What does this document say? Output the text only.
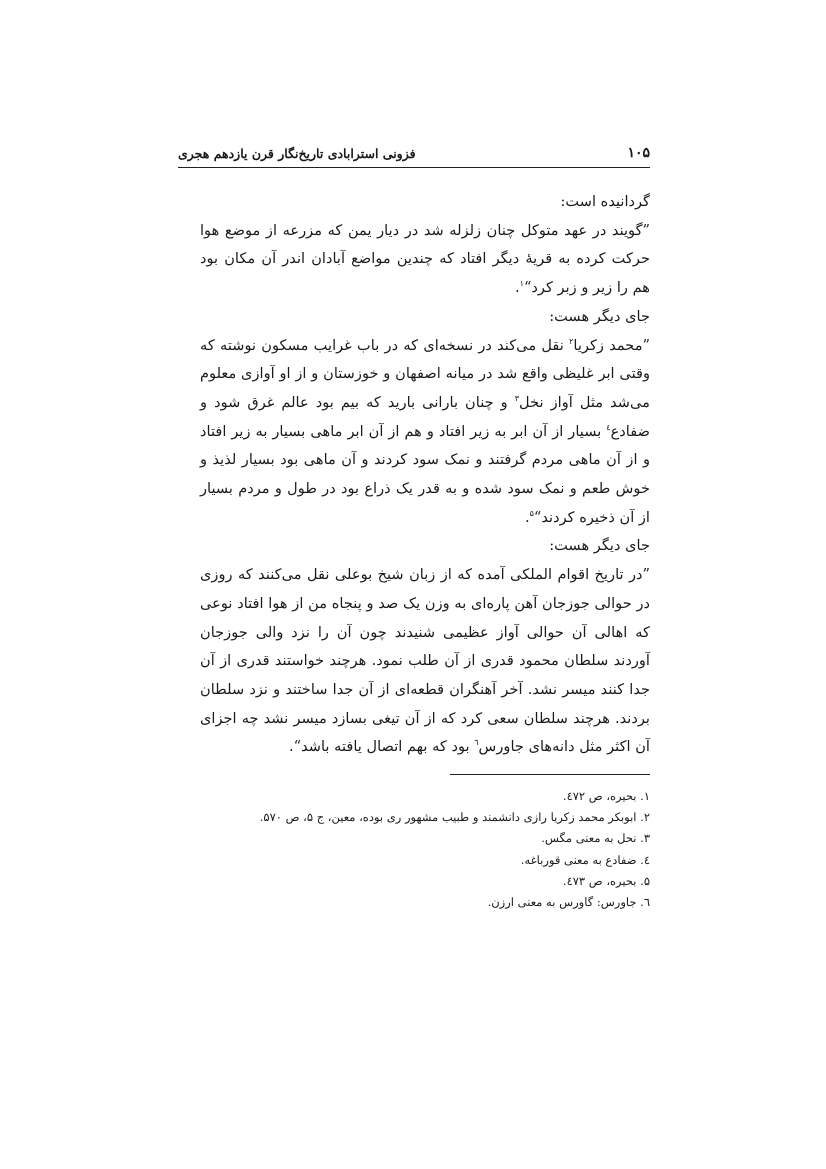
۱۰۵
فزونی استرابادی تاریخ‌نگار قرن یازدهم هجری

گردانیده است:

”گویند در عهد متوکل چنان زلزله شد در دیار یمن که مزرعه از موضع هوا حرکت کرده به قریهٔ دیگر افتاد که چندین مواضع آبادان اندر آن مکان بود هم را زیر و زبر کرد“$^۱$.

جای دیگر هست:

”محمد زکریا$^۲$ نقل می‌کند در نسخه‌ای که در باب غرایب مسکون نوشته که وقتی ابر غلیظی واقع شد در میانه اصفهان و خوزستان و از او آوازی معلوم می‌شد مثل آواز نخل$^۳$ و چنان بارانی بارید که بیم بود عالم غرق شود و ضفادع$^٤$ بسیار از آن ابر به زیر افتاد و هم از آن ابر ماهی بسیار به زیر افتاد و از آن ماهی مردم گرفتند و نمک سود کردند و آن ماهی بود بسیار لذیذ و خوش طعم و نمک سود شده و به قدر یک ذراع بود در طول و مردم بسیار از آن ذخیره کردند“$^۵$.

جای دیگر هست:

”در تاریخ اقوام الملکی آمده که از زبان شیخ بوعلی نقل می‌کنند که روزی در حوالی جوزجان آهن پاره‌ای به وزن یک صد و پنجاه من از هوا افتاد نوعی که اهالی آن حوالی آواز عظیمی شنیدند چون آن را نزد والی جوزجان آوردند سلطان محمود قدری از آن طلب نمود. هرچند خواستند قدری از آن جدا کنند میسر نشد. آخر آهنگران قطعه‌ای از آن جدا ساختند و نزد سلطان بردند. هرچند سلطان سعی کرد که از آن تیغی بسازد میسر نشد چه اجزای آن اکثر مثل دانه‌های جاورس$^٦$ بود که بهم اتصال یافته باشد“.

۱. بحیره، ص ٤٧٢.

۲. ابوبکر محمد زکریا رازی دانشمند و طبیب مشهور ری بوده، معین، ج ۵، ص ۵۷۰.

۳. نحل به معنی مگس.

٤. ضفادع به معنی قورباغه.

۵. بحیره، ص ٤٧٣.

٦. جاورس: گاورس به معنی ارزن.
